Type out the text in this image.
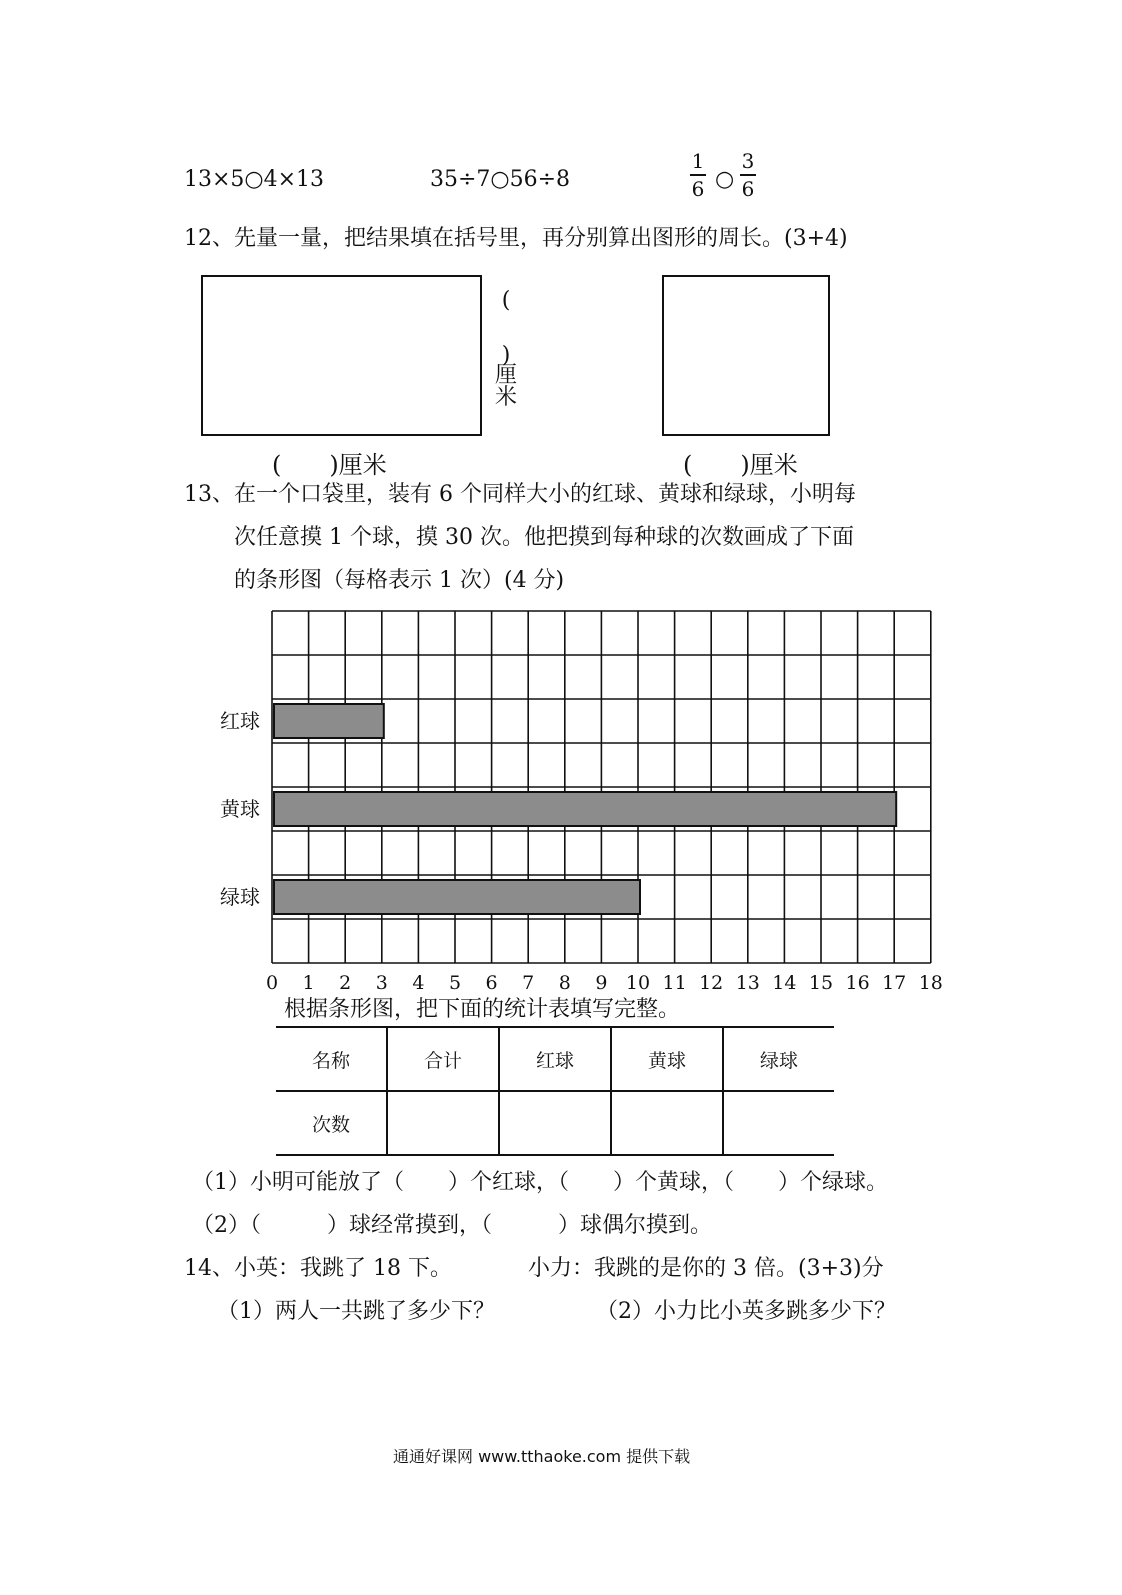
13×5○4×13	35÷7○56÷8
1
6 ○
3
6
12、先量一量，把结果填在括号里，再分别算出图形的周长。(3+4)
(
)
厘米
(　　)厘米	(　　)厘米
13、在一个口袋里，装有 6 个同样大小的红球、黄球和绿球，小明每
次任意摸 1 个球，摸 30 次。他把摸到每种球的次数画成了下面
的条形图（每格表示 1 次）(4 分)
红球
黄球
绿球
0 1 2 3 4 5 6 7 8 9 10 11 12 13 14 15 16 17 18
根据条形图，把下面的统计表填写完整。
名称	合计	红球	黄球	绿球
次数				
（1）小明可能放了（　　）个红球，（　　）个黄球，（　　）个绿球。
（2）（　　　）球经常摸到，（　　　）球偶尔摸到。
14、小英：我跳了 18 下。	小力：我跳的是你的 3 倍。(3+3)分
（1）两人一共跳了多少下？	（2）小力比小英多跳多少下？
通通好课网 www.tthaoke.com 提供下载
